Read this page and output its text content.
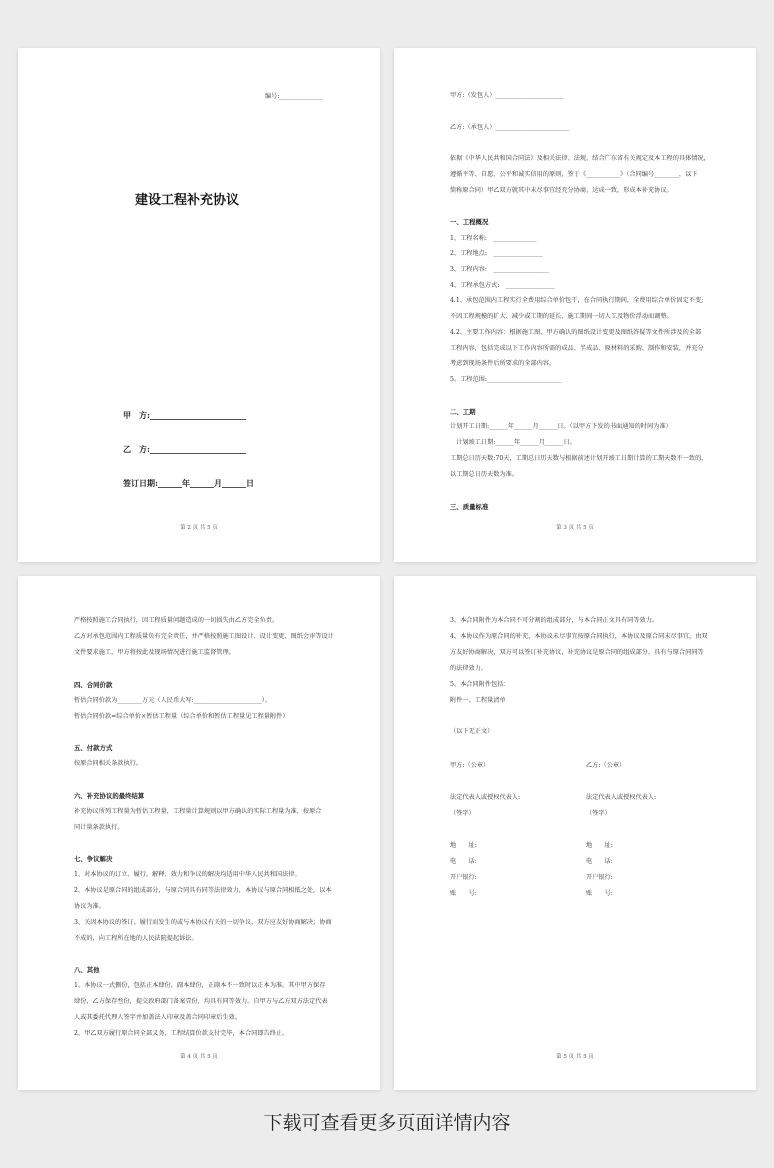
编号:______________
建设工程补充协议
甲　方:________________________
乙　方:________________________
签订日期:______年______月______日
第 2 页 共 5 页
甲方:（发包人）______________________
乙方:（承包人）________________________
依据《中华人民共和国合同法》及相关法律、法规，结合广东省有关规定及本工程的具体情况，
遵循平等、自愿、公平和诚实信用的原则，签于《___________》（合同编号________，以下
简称原合同）甲乙双方就其中未尽事宜经充分协商，达成一致，形成本补充协议。
一、工程概况
1、工程名称:　______________
2、工程地点:　________________
3、工程内容:　__________________
4、工程承包方式:　________________
4.1、承包范围内工程实行全费用综合单价包干，在合同执行期间，全费用综合单价固定不变;
不因工程规模的扩大、减少或工期的延长、施工期间一切人工及物价浮动而调整。
4.2、主要工作内容：根据施工图、甲方确认的图纸设计变更及图纸答疑等文件所涉及的全部
工程内容，包括完成以下工作内容所需的成品、半成品、原材料的采购、制作和安装，并充分
考虑到现场条件后所要求的全部内容。
5、工程范围:________________________
二、工期
计划开工日期:______年______月______日。（以甲方下发的书面通知的时间为准）
　计划竣工日期:______年______月______日。
工期总日历天数:70天，工期总日历天数与根据前述计划开竣工日期计算的工期天数不一致的，
以工期总日历天数为准。
三、质量标准
第 3 页 共 5 页
严格按照施工合同执行，因工程质量问题造成的一切损失由乙方完全负责。
乙方对承包范围内工程质量负有完全责任，并严格按照施工图设计、设计变更、图纸会审等设计
文件要求施工，甲方将按此及现场情况进行施工监督管理。
四、合同价款
暂估合同价款为________万元（人民币大写:______________________）。
暂估合同价款=综合单价×暂估工程量（综合单价和暂估工程量见工程量附件）
五、付款方式
按原合同相关条款执行。
六、补充协议的最终结算
补充协议所列工程量为暂估工程量，工程量计算规则以甲方确认的实际工程量为准，按原合
同计量条款执行。
七、争议解决
1、对本协议的订立、履行、解释、效力和争议的解决均适用中华人民共和国法律。
2、本协议是原合同的组成部分，与原合同具有同等法律效力，本协议与原合同相抵之处，以本
协议为准。
3、关因本协议的签订、履行而发生的或与本协议有关的一切争议，双方应友好协商解决；协商
不成的，向工程所在地的人民法院提起诉讼。
八、其他
1、本协议一式捌份，包括正本肆份，副本肆份，正副本不一致时以正本为准。其中甲方保存
肆份，乙方保存叁份，提交政府部门备案壹份，均具有同等效力。自甲方与乙方双方法定代表
人或其委托代理人签字并加盖法人印章及盖合同印章后生效。
2、甲乙双方履行原合同全部义务，工程结算价款支付完毕，本合同即告终止。
第 4 页 共 5 页
3、本合同附件为本合同不可分割的组成部分，与本合同正文具有同等效力。
4、本协议作为原合同的补充，本协议未尽事宜按原合同执行，本协议及原合同未尽事宜，由双
方友好协商解决，双方可以签订补充协议，补充协议是原合同的组成部分，具有与原合同同等
的法律效力。
5、本合同附件包括：
附件一、工程量清单
（以下无正文）
甲方:（公章）
法定代表人或授权代表人:
（签字）
地　　址:
电　　话:
开户银行:
账　　号:
乙方:（公章）
法定代表人或授权代表人:
（签字）
地　　址:
电　　话:
开户银行:
账　　号:
第 5 页 共 5 页
下载可查看更多页面详情内容
